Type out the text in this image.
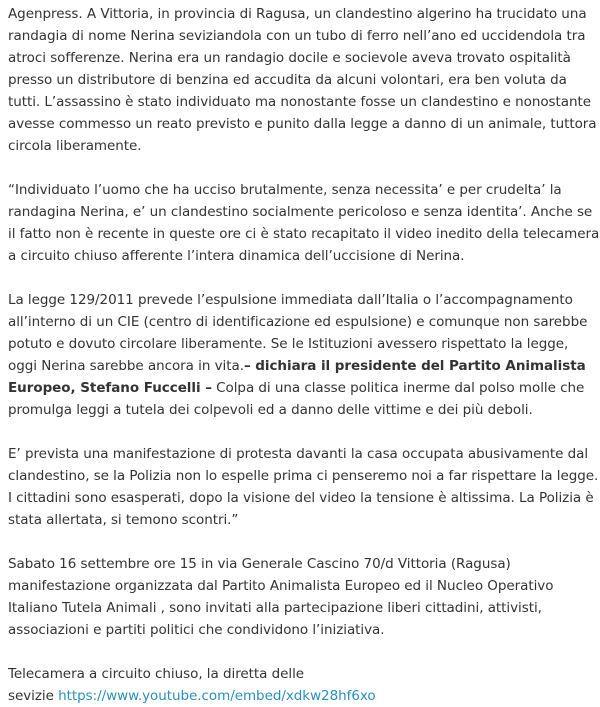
Agenpress. A Vittoria, in provincia di Ragusa, un clandestino algerino ha trucidato una randagia di nome Nerina seviziandola con un tubo di ferro nell’ano ed uccidendola tra atroci sofferenze. Nerina era un randagio docile e socievole aveva trovato ospitalità presso un distributore di benzina ed accudita da alcuni volontari, era ben voluta da tutti. L’assassino è stato individuato ma nonostante fosse un clandestino e nonostante avesse commesso un reato previsto e punito dalla legge a danno di un animale, tuttora circola liberamente.

“Individuato l’uomo che ha ucciso brutalmente, senza necessita’ e per crudelta’ la randagina Nerina, e’ un clandestino socialmente pericoloso e senza identita’. Anche se il fatto non è recente in queste ore ci è stato recapitato il video inedito della telecamera a circuito chiuso afferente l’intera dinamica dell’uccisione di Nerina.

La legge 129/2011 prevede l’espulsione immediata dall’Italia o l’accompagnamento all’interno di un CIE (centro di identificazione ed espulsione) e comunque non sarebbe potuto e dovuto circolare liberamente. Se le Istituzioni avessero rispettato la legge, oggi Nerina sarebbe ancora in vita.– dichiara il presidente del Partito Animalista Europeo, Stefano Fuccelli – Colpa di una classe politica inerme dal polso molle che promulga leggi a tutela dei colpevoli ed a danno delle vittime e dei più deboli.

E’ prevista una manifestazione di protesta davanti la casa occupata abusivamente dal clandestino, se la Polizia non lo espelle prima ci penseremo noi a far rispettare la legge. I cittadini sono esasperati, dopo la visione del video la tensione è altissima. La Polizia è stata allertata, si temono scontri.”

Sabato 16 settembre ore 15 in via Generale Cascino 70/d Vittoria (Ragusa) manifestazione organizzata dal Partito Animalista Europeo ed il Nucleo Operativo Italiano Tutela Animali , sono invitati alla partecipazione liberi cittadini, attivisti, associazioni e partiti politici che condividono l’iniziativa.

Telecamera a circuito chiuso, la diretta delle
sevizie https://www.youtube.com/embed/xdkw28hf6xo
